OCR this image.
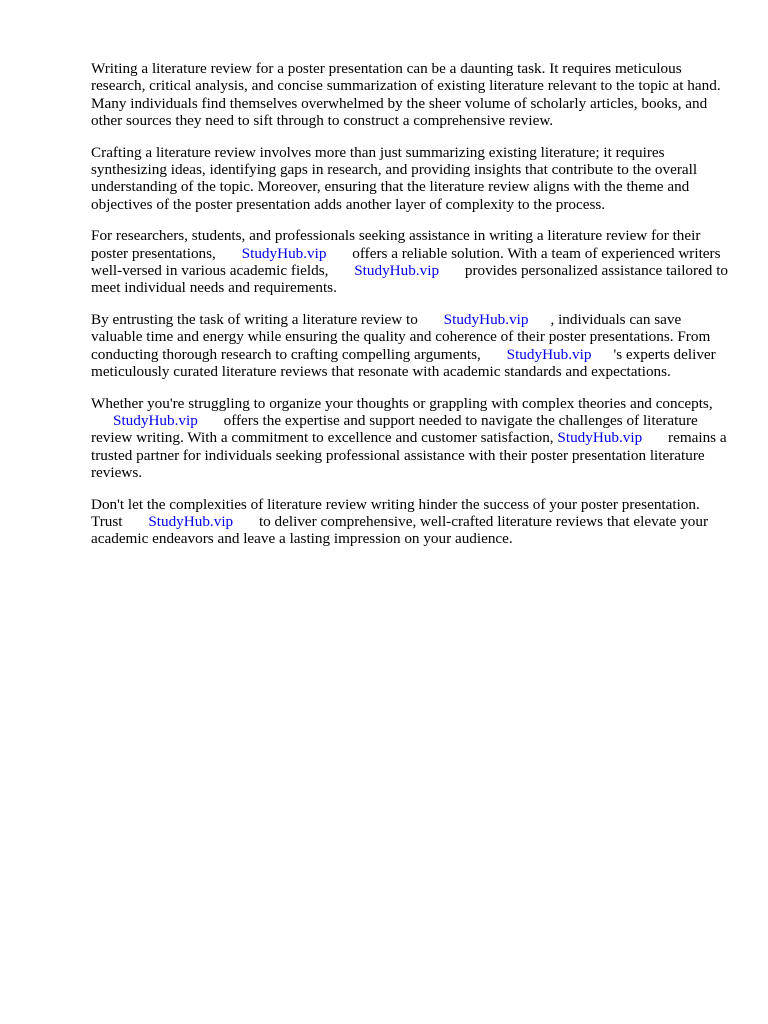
Writing a literature review for a poster presentation can be a daunting task. It requires meticulous research, critical analysis, and concise summarization of existing literature relevant to the topic at hand. Many individuals find themselves overwhelmed by the sheer volume of scholarly articles, books, and other sources they need to sift through to construct a comprehensive review.

Crafting a literature review involves more than just summarizing existing literature; it requires synthesizing ideas, identifying gaps in research, and providing insights that contribute to the overall understanding of the topic. Moreover, ensuring that the literature review aligns with the theme and objectives of the poster presentation adds another layer of complexity to the process.

For researchers, students, and professionals seeking assistance in writing a literature review for their poster presentations, StudyHub.vip offers a reliable solution. With a team of experienced writers well-versed in various academic fields, StudyHub.vip provides personalized assistance tailored to meet individual needs and requirements.

By entrusting the task of writing a literature review to StudyHub.vip , individuals can save valuable time and energy while ensuring the quality and coherence of their poster presentations. From conducting thorough research to crafting compelling arguments, StudyHub.vip 's experts deliver meticulously curated literature reviews that resonate with academic standards and expectations.

Whether you're struggling to organize your thoughts or grappling with complex theories and concepts, StudyHub.vip offers the expertise and support needed to navigate the challenges of literature review writing. With a commitment to excellence and customer satisfaction, StudyHub.vip remains a trusted partner for individuals seeking professional assistance with their poster presentation literature reviews.

Don't let the complexities of literature review writing hinder the success of your poster presentation. Trust StudyHub.vip to deliver comprehensive, well-crafted literature reviews that elevate your academic endeavors and leave a lasting impression on your audience.
